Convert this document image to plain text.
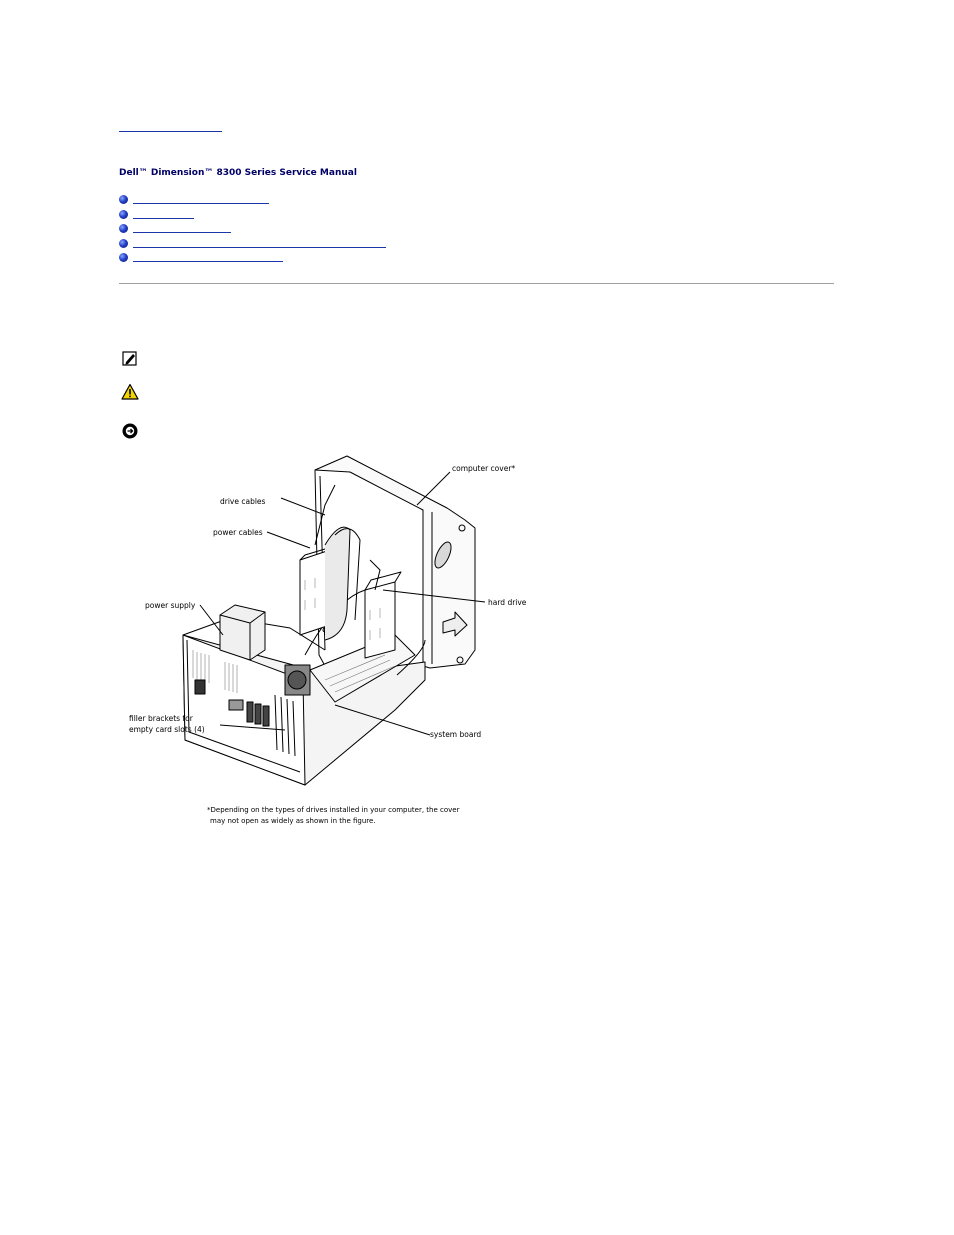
Dell™ Dimension™ 8300 Series Service Manual
drive cables
power cables
computer cover*
hard drive
power supply
filler brackets for
empty card slots (4)
system board
*Depending on the types of drives installed in your computer, the cover
may not open as widely as shown in the figure.
